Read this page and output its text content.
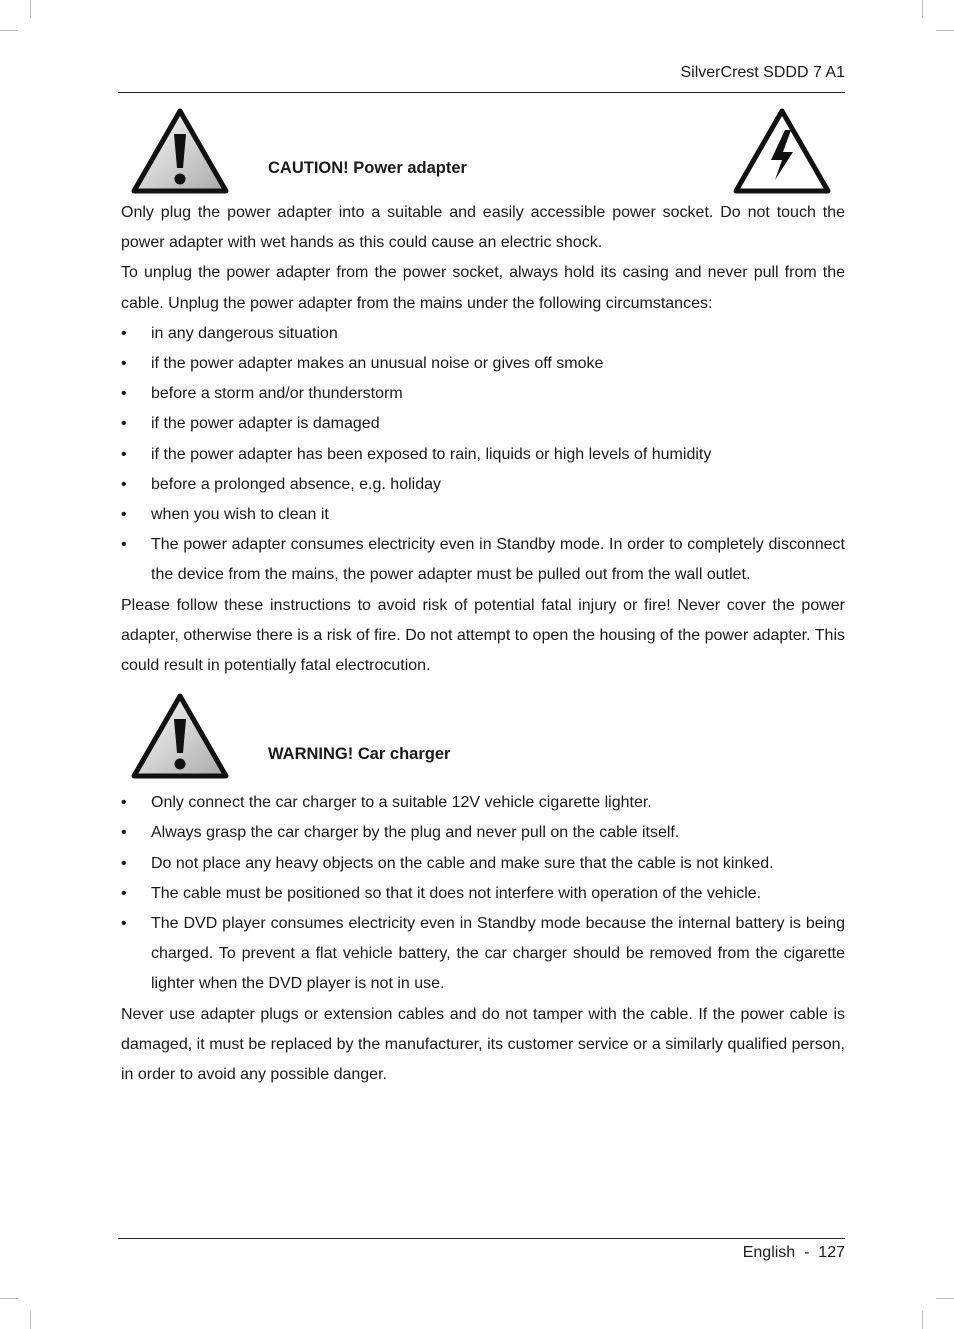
SilverCrest SDDD 7 A1
CAUTION! Power adapter

Only plug the power adapter into a suitable and easily accessible power socket. Do not touch the power adapter with wet hands as this could cause an electric shock.

To unplug the power adapter from the power socket, always hold its casing and never pull from the cable. Unplug the power adapter from the mains under the following circumstances:

• in any dangerous situation
• if the power adapter makes an unusual noise or gives off smoke
• before a storm and/or thunderstorm
• if the power adapter is damaged
• if the power adapter has been exposed to rain, liquids or high levels of humidity
• before a prolonged absence, e.g. holiday
• when you wish to clean it
• The power adapter consumes electricity even in Standby mode. In order to completely disconnect the device from the mains, the power adapter must be pulled out from the wall outlet.

Please follow these instructions to avoid risk of potential fatal injury or fire! Never cover the power adapter, otherwise there is a risk of fire. Do not attempt to open the housing of the power adapter. This could result in potentially fatal electrocution.

WARNING! Car charger
• Only connect the car charger to a suitable 12V vehicle cigarette lighter.
• Always grasp the car charger by the plug and never pull on the cable itself.
• Do not place any heavy objects on the cable and make sure that the cable is not kinked.
• The cable must be positioned so that it does not interfere with operation of the vehicle.
• The DVD player consumes electricity even in Standby mode because the internal battery is being charged. To prevent a flat vehicle battery, the car charger should be removed from the cigarette lighter when the DVD player is not in use.

Never use adapter plugs or extension cables and do not tamper with the cable. If the power cable is damaged, it must be replaced by the manufacturer, its customer service or a similarly qualified person, in order to avoid any possible danger.

English  -  127
